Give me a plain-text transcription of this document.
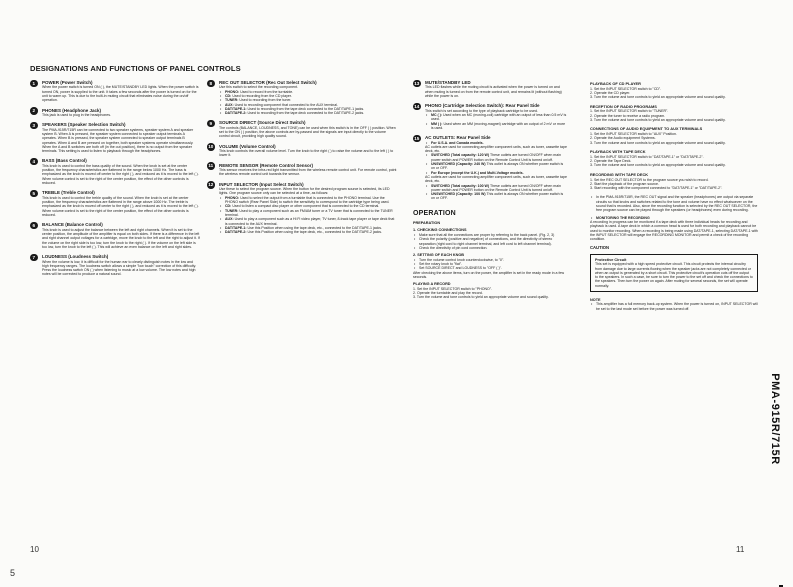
DESIGNATIONS AND FUNCTIONS OF PANEL CONTROLS
1	POWER (Power Switch)

When the power switch is turned ON ( ), the MUTE/STANDBY LED lights. When the power switch is turned ON, power is supplied to the unit. It takes a few seconds after the power is turned on for the unit to warm up. This is due to the built-in muting circuit that eliminates noise during the on/off operation.

2	PHONES (Headphone Jack)

This jack is used to plug in the headphones.

3	SPEAKERS (Speaker Selection Switch)

The PMA-915R/715R can be connected to two speaker systems, speaker system A and speaker system B. When A is pressed, the speaker system connected to speaker output terminals A operates. When B is pressed, the speaker system connected to speaker output terminals B operates. When A and B are pressed on together, both speaker systems operate simultaneously. When the A and B switches are both off (in the out position), there is no output from the speaker terminals. This setting is used to listen to playback through the headphones.

4	BASS (Bass Control)

This knob is used to control the bass quality of the sound. When the knob is set at the center position, the frequency characteristics are flattened in the range below 1000 Hz. The bass is emphasized as the knob is moved off center to the right ( ), and reduced as it is moved to the left ( ). When volume control is set to the right of the center position, the effect of the other controls is reduced.

5	TREBLE (Treble Control)

This knob is used to control the treble quality of the sound. When the knob is set at the center position, the frequency characteristics are flattened in the range above 1000 Hz. The treble is emphasized as the knob is moved off center to the right ( ), and reduced as it is moved to the left ( ). When volume control is set to the right of the center position, the effect of the other controls is reduced.

6	BALANCE (Balance Control)

This knob is used to adjust the balance between the left and right channels. When it is set to the center position, the amplitude of the amplifier is equal on both sides. If there is a difference in the left and right channel output voltages for a cartridge, move the knob to the left and the right to adjust it. If the volume on the right side is too low, turn the knob to the right ( ). If the volume on the left side is too low, turn the knob to the left ( ). This will achieve an even balance on the left and right sides.

7	LOUDNESS (Loudness Switch)

When the volume is low, it is difficult for the human ear to clearly distinguish notes in the low and high frequency ranges. The loudness switch allows a simple "low touch" correction of this difficulty. Press the loudness switch ON ( ) when listening to music at a low volume. The low notes and high notes will be corrected to produce a natural sound.

8	REC OUT SELECTOR (Rec Out Select Switch)

Use this switch to select the recording component.

• PHONO: Used to record from the turntable.
• CD: Used to recording from the CD player.
• TUNER: Used to recording from the tuner.
• AUX: Used to recording component that connected to the AUX terminal.
• DAT/TAPE-1: Used to recording from the tape deck connected to the DAT/TAPE-1 jacks.
• DAT/TAPE-2: Used to recording from the tape deck connected to the DAT/TAPE-2 jacks.
9	SOURCE DIRECT (Source Direct Switch)

The controls (BALANCE, LOUDNESS, and TONE) can be used when this switch is in the OFF ( ) position. When set to the ON ( ) position, the above controls are by-passed and the signals are input directly to the volume control circuit, providing high quality sound.

10 VOLUME (Volume Control)

This knob controls the overall volume level. Turn the knob to the right ( ) to raise the volume and to the left ( ) to lower it.

11 REMOTE SENSOR (Remote Control Sensor)

This sensor receives the infra-red light transmitted from the wireless remote control unit. For remote control, point the wireless remote control unit towards the sensor.

12 INPUT SELECTOR (Input Select Switch)

Use these to select the program source. When the button for the desired program source is selected, its LED lights. One program source only can be selected at a time, as follows:

• PHONO: Used to select the output from a turntable that is connected to the PHONO terminal. Use the PHONO switch (Rear Panel Side) to switch the sensitivity to correspond to the cartridge type being used.
• CD: Used to listen a compact disc player or other component that is connected to the CD terminal.
• TUNER: Used to play a component such as an FM/AM tuner or a TV tuner that is connected to the TUNER terminal.
• AUX: Used to play a component such as a Hi Fi video player, TV tuner, 8-track tape player or tape deck that is connected to the AUX terminal.
• DAT/TAPE-1: Use this Position when using the tape deck, etc., connected to the DAT/TAPE-1 jacks.
• DAT/TAPE-2: Use this Position when using the tape deck, etc., connected to the DAT/TAPE-2 jacks.
13 MUTE/STANDBY LED

This LED flashes while the muting circuit is activated when the power is turned on and when muting is turned on from the remote control unit, and remains lit (without flashing) while the power is on.

14 PHONO (Cartridge Selection Switch): Rear Panel Side

This switch is set according to the type of playback cartridge to be used.

• MC ( ): Used when an MC (moving-coil) cartridge with an output of less than 0.5 mV is used.
• MM ( ): Used when an MM (moving-magnet) cartridge with an output of 2 mV or more is used.
15 AC OUTLETS: Rear Panel Side
• For U.S.A. and Canada models.

AC outlets are used for connecting amplifier component units, such as tuner, cassette tape deck, etc.

• SWITCHED (Total capacity: 120 W) These outlets are turned ON/OFF when main power switch and POWER button on the Remote Control Unit is turned on/off.
• UNSWITCHED (Capacity: 240 W) This outlet is always ON whether power switch is on or OFF.
• For Europe (except the U.K.) and Multi-Voltage models.

AC outlets are used for connecting amplifier component units, such as tuner, cassette tape deck, etc.

• SWITCHED (Total capacity: 100 W) These outlets are turned ON/OFF when main power switch and POWER button on the Remote Control Unit is turned on/off.
• UNSWITCHED (Capacity: 100 W) This outlet is always ON whether power switch is on or OFF.
OPERATION
PREPARATION
1. CHECKING CONNECTIONS
• Make sure that all the connections are proper by referring to the back panel. (Fig. 2, 3)
• Check the polarity (positive and negative) of connections, and the directivity of stereo separation (right cord to right channel terminal, and left cord to left channel terminal).
• Check the directivity of pin cord connection.
2. SETTING OF EACH KNOB
• Turn the volume control knob counterclockwise, to "0".
• Set the rotary knob to "flat".
• Set SOURCE DIRECT and LOUDNESS to "OFF ( )".

After checking the above items, turn on the power, the amplifier is set in the ready mode in a few seconds.

PLAYING A RECORD

1. Set the INPUT SELECTOR switch to "PHONO".

2. Operate the turntable and play the record.

3. Turn the volume and tone controls to yield an appropriate volume and sound quality.

PLAYBACK OF CD PLAYER

1. Set the INPUT SELECTOR switch to "CD".

2. Operate the CD player.

3. Turn the volume and tone controls to yield an appropriate volume and sound quality.

RECEPTION OF RADIO PROGRAMS

1. Set the INPUT SELECTOR switch to "TUNER".

2. Operate the tuner to receive a radio program.

3. Turn the volume and tone controls to yield an appropriate volume and sound quality.

CONNECTIONS OF AUDIO EQUIPMENT TO AUX TERMINALS

1. Set the INPUT SELECTOR switch to "AUX" Position.

2. Operate the Audio equipment Systems.

3. Turn the volume and tone controls to yield an appropriate volume and sound quality.

PLAYBACK WITH TAPE DECK

1. Set the INPUT SELECTOR switch to "DAT/TAPE-1" or "DAT/TAPE-2".

2. Operate the Tape Deck.

3. Turn the volume and tone controls to yield an appropriate volume and sound quality.

RECORDING WITH TAPE DECK

1. Set the REC OUT SELECTOR to the program source you wish to record.

2. Start the playback of the program source.

3. Start recording with the component connected to "DAT/TAPE-1" or "DAT/TAPE-2".

• In the PMA-915R/715R, the REC OUT signal and the speaker (headphones) are output via separate circuits so that knobs and switches related to the tone and volume have no effect whatsoever on the sound that is recorded. Also, since the recording function is selected by the REC OUT SELECTOR, the free program source can be played through the speakers (or headphones) even during recording.
• MONITORING THE RECORDING

A recording in progress can be monitored if a tape deck with three individual heads for recording and playback is used. A tape deck in which a common head is used for both recording and playback cannot be used to monitor recording. When a recording is being made using DAT/TAPE-1, selecting DAT/TAPE-1 with the INPUT SELECTOR will engage the RECORDING MONITOR and permit a check of the recording condition.

CAUTION
Protective Circuit

This set is equipped with a high speed protective circuit. This circuit protects the internal circuitry from damage due to large currents flowing when the speaker jacks are not completely connected or when an output is generated by a short circuit. This protective circuit's operation cuts off the output to the speakers. In such a case, be sure to turn the power to the set off and check the connections to the speakers. Then turn the power on again. After muting for several seconds, the set will operate normally.

NOTE
• This amplifier has a full memory back-up system. When the power is turned on, INPUT SELECTOR will be set to the last mode set before the power was turned off.
10	11
5
PMA-915R/715R
